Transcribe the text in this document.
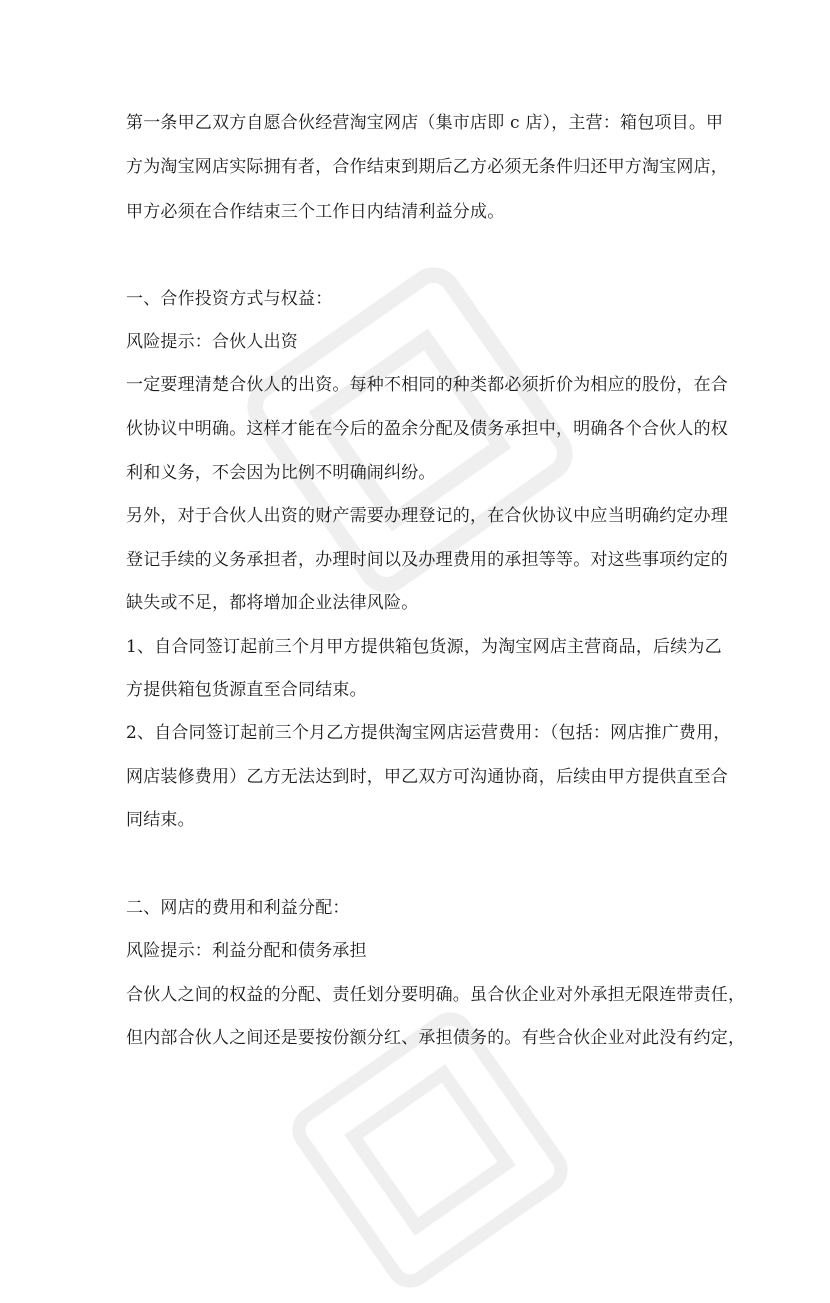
第一条甲乙双方自愿合伙经营淘宝网店（集市店即 c 店），主营：箱包项目。甲
方为淘宝网店实际拥有者，合作结束到期后乙方必须无条件归还甲方淘宝网店，
甲方必须在合作结束三个工作日内结清利益分成。
一、合作投资方式与权益：
风险提示：合伙人出资
一定要理清楚合伙人的出资。每种不相同的种类都必须折价为相应的股份，在合
伙协议中明确。这样才能在今后的盈余分配及债务承担中，明确各个合伙人的权
利和义务，不会因为比例不明确闹纠纷。
另外，对于合伙人出资的财产需要办理登记的，在合伙协议中应当明确约定办理
登记手续的义务承担者，办理时间以及办理费用的承担等等。对这些事项约定的
缺失或不足，都将增加企业法律风险。
1、自合同签订起前三个月甲方提供箱包货源，为淘宝网店主营商品，后续为乙
方提供箱包货源直至合同结束。
2、自合同签订起前三个月乙方提供淘宝网店运营费用：（包括：网店推广费用，
网店装修费用）乙方无法达到时，甲乙双方可沟通协商，后续由甲方提供直至合
同结束。
二、网店的费用和利益分配：
风险提示：利益分配和债务承担
合伙人之间的权益的分配、责任划分要明确。虽合伙企业对外承担无限连带责任，
但内部合伙人之间还是要按份额分红、承担债务的。有些合伙企业对此没有约定，
